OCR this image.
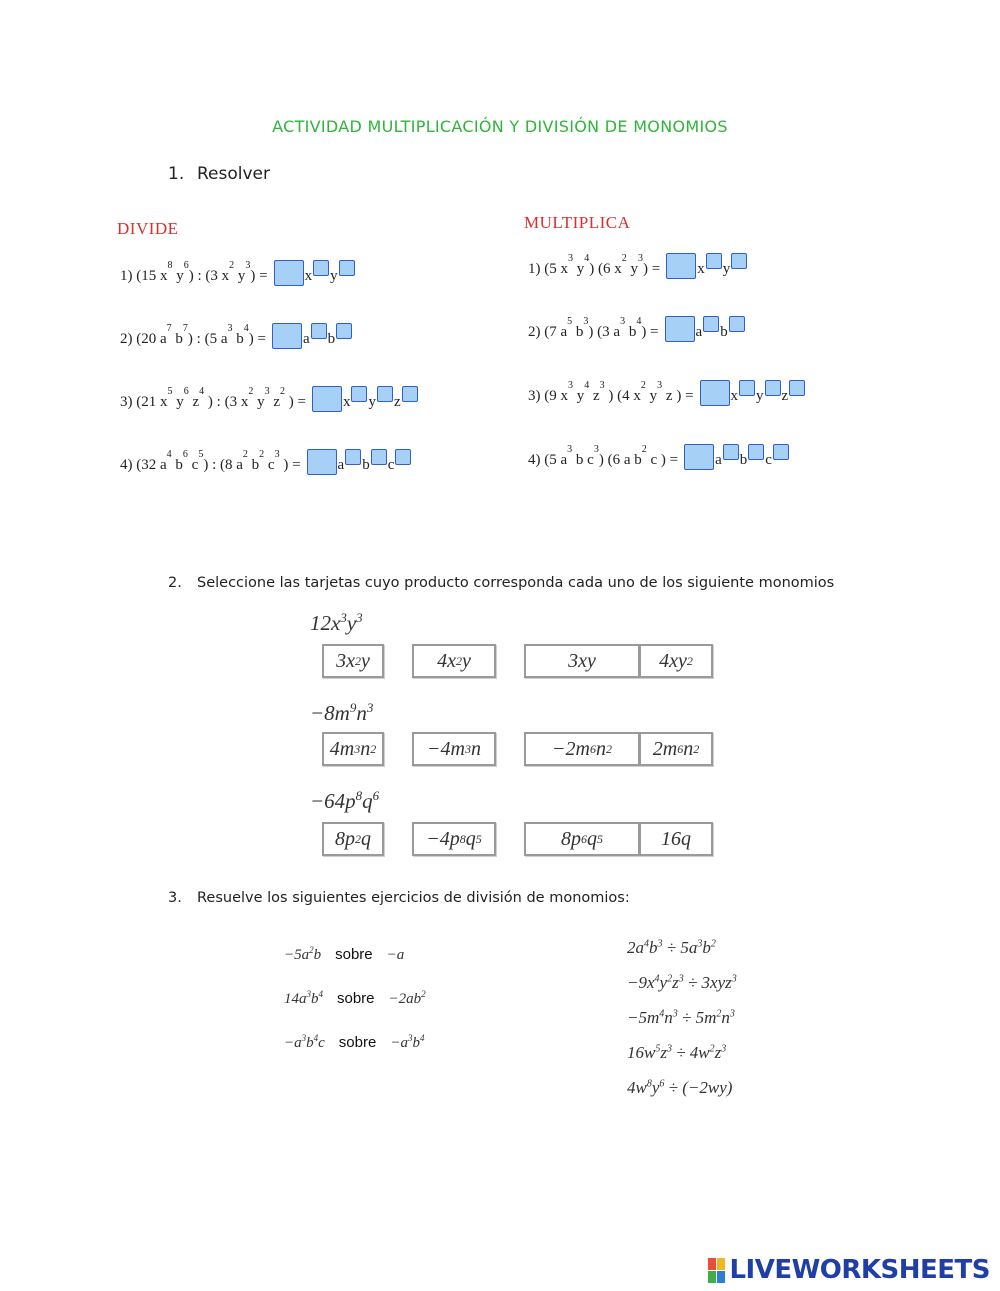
ACTIVIDAD MULTIPLICACIÓN Y DIVISIÓN DE MONOMIOS
1. Resolver
DIVIDE	MULTIPLICA
1) (15 $x^8$ $y^6$) : (3 $x^2$ $y^3) = x$ y
2) (20 $a^7$ $b^7$) : (5 $a^3$ $b^4) = a$ b
3) (21 $x^5$ $y^6$ $z^4$ ) : (3 $x^2$ $y^3$ $z^2$ ) = x y z
4) (32 $a^4$ $b^6$ $c^5$) : (8 $a^2$ $b^2$ $c^3$ ) = a b c
1) (5 $x^3$ $y^4$) (6 $x^2$ $y^3) = x$ y
2) (7 $a^5$ $b^3$) (3 $a^3$ $b^4) = a$ b
3) (9 $x^3$ $y^4$ $z^3$ ) (4 $x^2$ $y^3$ z ) = x y z
4) (5 $a^3$ b $c^3$) (6 a $b^2$ c ) = a b c
2. Seleccione las tarjetas cuyo producto corresponda cada uno de los siguiente monomios
$12x^3y^3$
3x 2 y	4x 2 y	3xy	4xy 2
$-8m^9n^3$
4m 3 n 2	−4m 3 n	−2m 6 n 2	2m 6 n 2
$-64p^8q^6$
8p 2 q	−4p 8 q 5	8p 6 q 5	16q
3. Resuelve los siguientes ejercicios de división de monomios:
$-5a^2b$ sobre −a
$14a^3b^4$ sobre $-2ab^2$
$-a^3b^4c$ sobre $-a^3b^4$
$2a^4b^3 \div 5a^3b^2$
$-9x^4y^2z^3 \div 3xyz^3$
$-5m^4n^3 \div 5m^2n^3$
$16w^5z^3 \div 4w^2z^3$
$4w^8y^6 \div (-2wy)$
LIVEWORKSHEETS
